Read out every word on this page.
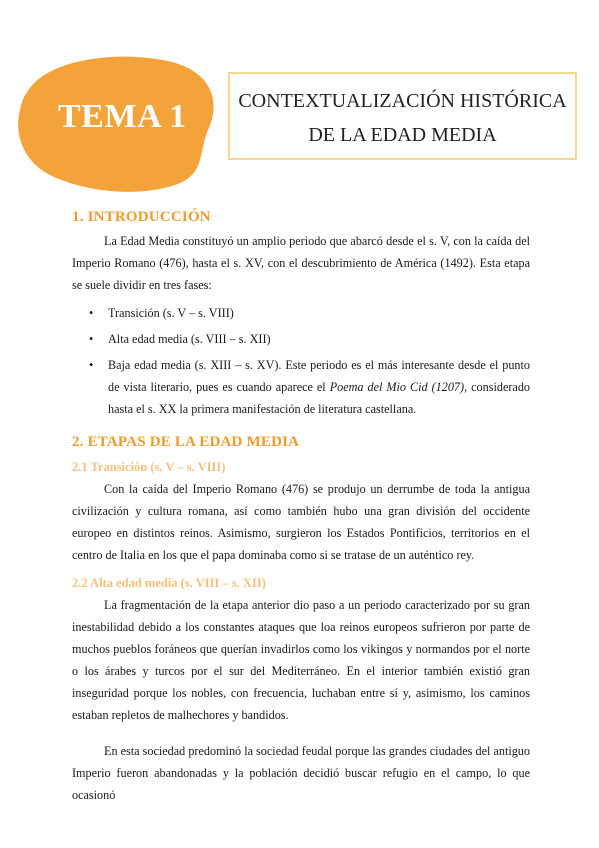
TEMA 1	CONTEXTUALIZACIÓN HISTÓRICA
DE LA EDAD MEDIA
1. INTRODUCCIÓN

La Edad Media constituyó un amplio periodo que abarcó desde el s. V, con la caída del Imperio Romano (476), hasta el s. XV, con el descubrimiento de América (1492). Esta etapa se suele dividir en tres fases:

• Transición (s. V – s. VIII)
• Alta edad media (s. VIII – s. XII)
• Baja edad media (s. XIII – s. XV). Este periodo es el más interesante desde el punto de vista literario, pues es cuando aparece el Poema del Mio Cid (1207), considerado hasta el s. XX la primera manifestación de literatura castellana.
2. ETAPAS DE LA EDAD MEDIA
2.1 Transición (s. V – s. VIII)

Con la caída del Imperio Romano (476) se produjo un derrumbe de toda la antigua civilización y cultura romana, así como también hubo una gran división del occidente europeo en distintos reinos. Asimismo, surgieron los Estados Pontificios, territorios en el centro de Italia en los que el papa dominaba como si se tratase de un auténtico rey.

2.2 Alta edad media (s. VIII – s. XII)

La fragmentación de la etapa anterior dio paso a un periodo caracterizado por su gran inestabilidad debido a los constantes ataques que loa reinos europeos sufrieron por parte de muchos pueblos foráneos que querían invadirlos como los vikingos y normandos por el norte o los árabes y turcos por el sur del Mediterráneo. En el interior también existió gran inseguridad porque los nobles, con frecuencia, luchaban entre sí y, asimismo, los caminos estaban repletos de malhechores y bandidos.

En esta sociedad predominó la sociedad feudal porque las grandes ciudades del antiguo Imperio fueron abandonadas y la población decidió buscar refugio en el campo, lo que ocasionó
